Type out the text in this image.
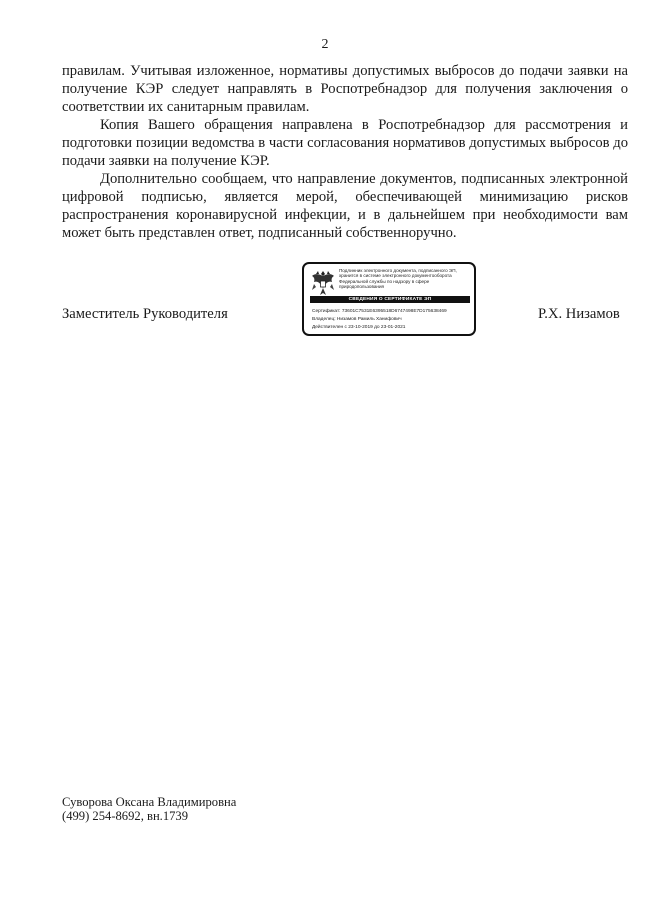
2

правилам. Учитывая изложенное, нормативы допустимых выбросов до подачи заявки на получение КЭР следует направлять в Роспотребнадзор для получения заключения о соответствии их санитарным правилам.

Копия Вашего обращения направлена в Роспотребнадзор для рассмотрения и подготовки позиции ведомства в части согласования нормативов допустимых выбросов до подачи заявки на получение КЭР.

Дополнительно сообщаем, что направление документов, подписанных электронной цифровой подписью, является мерой, обеспечивающей минимизацию рисков распространения коронавирусной инфекции, и в дальнейшем при необходимости вам может быть представлен ответ, подписанный собственноручно.

Заместитель Руководителя
Подлинник электронного документа, подписанного ЭП,
хранится в системе электронного документооборота
Федеральной службы по надзору в сфере
природопользования
СВЕДЕНИЯ О СЕРТИФИКАТЕ ЭП
Сертификат: 73601C7531E6395518D6747498E7D175638469
Владелец: Низамов Рамиль Ханифович
Действителен с 23-10-2019 до 23-01-2021
Р.Х. Низамов
Суворова Оксана Владимировна
(499) 254-8692, вн.1739
